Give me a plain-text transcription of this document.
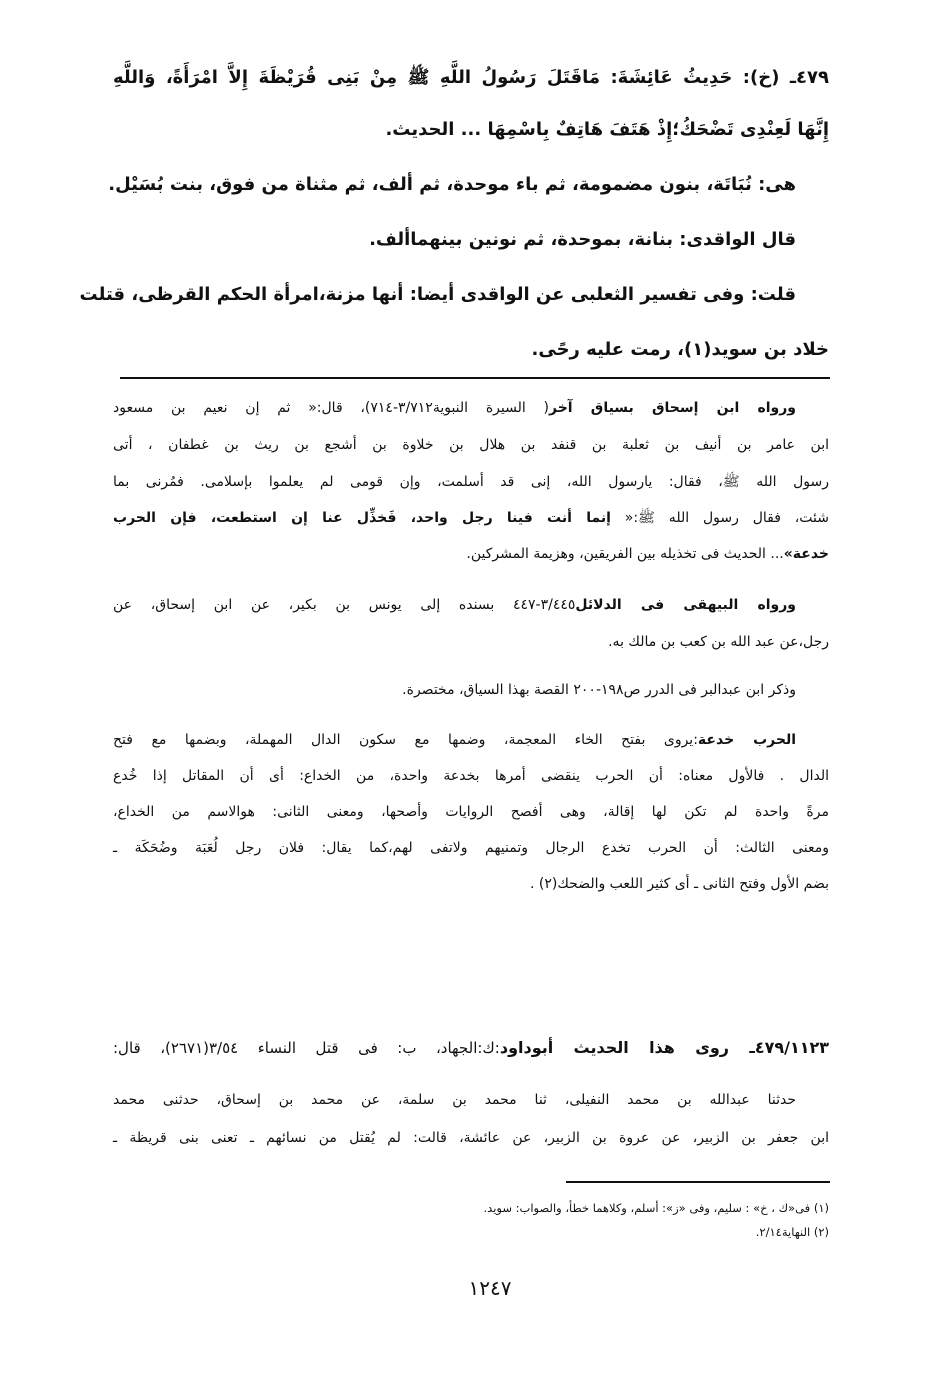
٤٧٩ـ (خ): حَدِيثُ عَائِشَةَ: مَاقَتَلَ رَسُولُ اللَّهِ ﷺ مِنْ بَنِى قُرَيْظَةَ إِلاَّ امْرَأَةً، وَاللَّهِ
إِنَّهَا لَعِنْدِى تَضْحَكُ؛إِذْ هَتَفَ هَاتِفٌ بِاسْمِهَا ... الحديث.
هى: نُبَاتَة، بنون مضمومة، ثم باء موحدة، ثم ألف، ثم مثناة من فوق، بنت بُسَيْل.
قال الواقدى: بنانة، بموحدة، ثم نونين بينهماألف.
قلت: وفى تفسير الثعلبى عن الواقدى أيضا: أنها مزنة،امرأة الحكم القرظى، قتلت
خلاد بن سويد(١)، رمت عليه رحًى.
ورواه ابن إسحاق بسياق آخر( السيرة النبوية٣/٧١٢-٧١٤)، قال:« ثم إن نعيم بن مسعود
ابن عامر بن أنيف بن ثعلبة بن قنفد بن هلال بن خلاوة بن أشجع بن ريث بن غطفان ، أتى
رسول الله ﷺ، فقال: يارسول الله، إنى قد أسلمت، وإن قومى لم يعلموا بإسلامى. فمُرنى بما
شئت، فقال رسول الله ﷺ:« إنما أنت فينا رجل واحد، فَخذِّل عنا إن استطعت، فإن الحرب
خدعة»... الحديث فى تخذيله بين الفريقين، وهزيمة المشركين.
ورواه البيهقى فى الدلائل٣/٤٤٥-٤٤٧ بسنده إلى يونس بن بكير، عن ابن إسحاق، عن
رجل،عن عبد الله بن كعب بن مالك به.
وذكر ابن عبدالبر فى الدرر ص١٩٨-٢٠٠ القصة بهذا السياق، مختصرة.
الحرب خدعة:يروى بفتح الخاء المعجمة، وضمها مع سكون الدال المهملة، وبضمها مع فتح
الدال . فالأول معناه: أن الحرب ينقضى أمرها بخدعة واحدة، من الخداع: أى أن المقاتل إذا خُدع
مرةً واحدة لم تكن لها إقالة، وهى أفصح الروايات وأصحها، ومعنى الثانى: هوالاسم من الخداع،
ومعنى الثالث: أن الحرب تخدع الرجال وتمنيهم ولاتفى لهم،كما يقال: فلان رجل لُعَبَة وضُحَكَة ـ
بضم الأول وفتح الثانى ـ أى كثير اللعب والضحك(٢) .
٤٧٩/١١٢٣ـ روى هذا الحديث أبوداود:ك:الجهاد، ب: فى قتل النساء ٣/٥٤(٢٦٧١)، قال:
حدثنا عبدالله بن محمد النفيلى، ثنا محمد بن سلمة، عن محمد بن إسحاق، حدثنى محمد
ابن جعفر بن الزبير، عن عروة بن الزبير، عن عائشة، قالت: لم يُقتل من نسائهم ـ تعنى بنى قريظة ـ
(١) فى«ك ، خ» : سليم، وفى «ز»: أسلم، وكلاهما خطأ، والصواب: سويد.
(٢) النهاية٢/١٤.
١٢٤٧
